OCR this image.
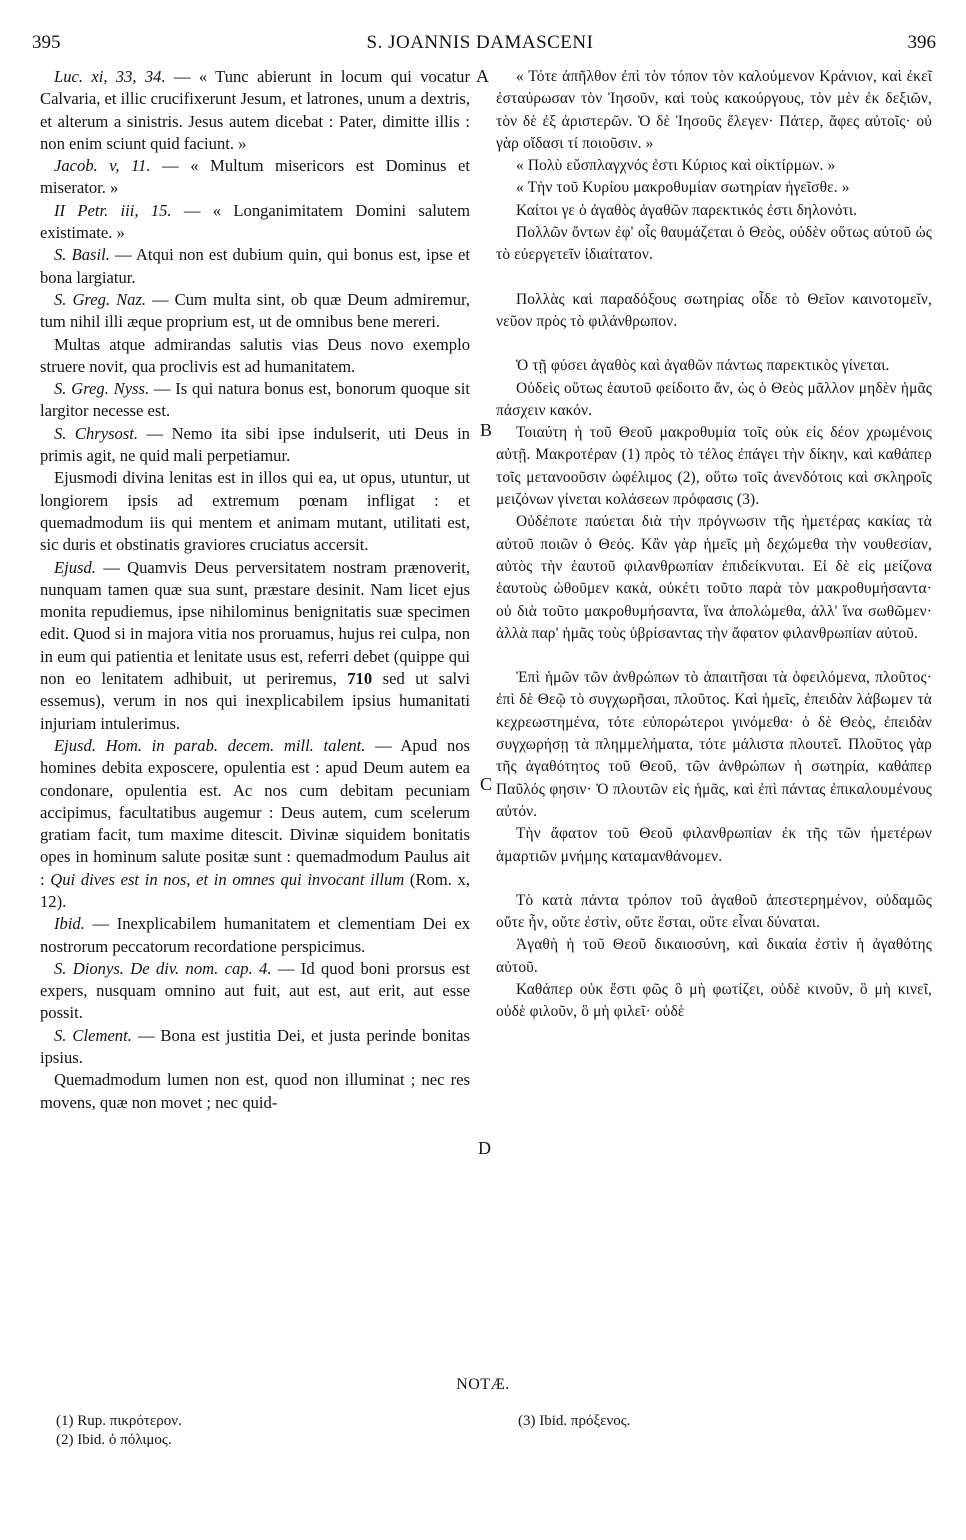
395	S. JOANNIS DAMASCENI	396
A
B
C
D

Luc. xi, 33, 34. — « Tunc abierunt in locum qui vocatur Calvaria, et illic crucifixerunt Jesum, et latrones, unum a dextris, et alterum a sinistris. Jesus autem dicebat : Pater, dimitte illis : non enim sciunt quid faciunt. »

Jacob. v, 11. — « Multum misericors est Dominus et miserator. »

II Petr. iii, 15. — « Longanimitatem Domini salutem existimate. »

S. Basil. — Atqui non est dubium quin, qui bonus est, ipse et bona largiatur.

S. Greg. Naz. — Cum multa sint, ob quæ Deum admiremur, tum nihil illi æque proprium est, ut de omnibus bene mereri.

Multas atque admirandas salutis vias Deus novo exemplo struere novit, qua proclivis est ad humanitatem.

S. Greg. Nyss. — Is qui natura bonus est, bonorum quoque sit largitor necesse est.

S. Chrysost. — Nemo ita sibi ipse indulserit, uti Deus in primis agit, ne quid mali perpetiamur.

Ejusmodi divina lenitas est in illos qui ea, ut opus, utuntur, ut longiorem ipsis ad extremum pœnam infligat : et quemadmodum iis qui mentem et animam mutant, utilitati est, sic duris et obstinatis graviores cruciatus accersit.

Ejusd. — Quamvis Deus perversitatem nostram prænoverit, nunquam tamen quæ sua sunt, præstare desinit. Nam licet ejus monita repudiemus, ipse nihilominus benignitatis suæ specimen edit. Quod si in majora vitia nos proruamus, hujus rei culpa, non in eum qui patientia et lenitate usus est, referri debet (quippe qui non eo lenitatem adhibuit, ut periremus, 710 sed ut salvi essemus), verum in nos qui inexplicabilem ipsius humanitati injuriam intulerimus.

Ejusd. Hom. in parab. decem. mill. talent. — Apud nos homines debita exposcere, opulentia est : apud Deum autem ea condonare, opulentia est. Ac nos cum debitam pecuniam accipimus, facultatibus augemur : Deus autem, cum scelerum gratiam facit, tum maxime ditescit. Divinæ siquidem bonitatis opes in hominum salute positæ sunt : quemadmodum Paulus ait : Qui dives est in nos, et in omnes qui invocant illum (Rom. x, 12).

Ibid. — Inexplicabilem humanitatem et clementiam Dei ex nostrorum peccatorum recordatione perspicimus.

S. Dionys. De div. nom. cap. 4. — Id quod boni prorsus est expers, nusquam omnino aut fuit, aut est, aut erit, aut esse possit.

S. Clement. — Bona est justitia Dei, et justa perinde bonitas ipsius.

Quemadmodum lumen non est, quod non illuminat ; nec res movens, quæ non movet ; nec quid-

« Τότε ἀπῆλθον ἐπὶ τὸν τόπον τὸν καλούμενον Κράνιον, καὶ ἐκεῖ ἐσταύρωσαν τὸν Ἰησοῦν, καὶ τοὺς κακούργους, τὸν μὲν ἐκ δεξιῶν, τὸν δὲ ἐξ ἀριστερῶν. Ὁ δὲ Ἰησοῦς ἔλεγεν· Πάτερ, ἄφες αὐτοῖς· οὐ γὰρ οἴδασι τί ποιοῦσιν. »

« Πολὺ εὔσπλαγχνός ἐστι Κύριος καὶ οἰκτίρμων. »

« Τὴν τοῦ Κυρίου μακροθυμίαν σωτηρίαν ἡγεῖσθε. »

Καίτοι γε ὁ ἀγαθὸς ἀγαθῶν παρεκτικός ἐστι δηλονότι.

Πολλῶν ὄντων ἐφ' οἷς θαυμάζεται ὁ Θεὸς, οὐδὲν οὕτως αὐτοῦ ὡς τὸ εὐεργετεῖν ἰδιαίτατον.

Πολλὰς καὶ παραδόξους σωτηρίας οἶδε τὸ Θεῖον καινοτομεῖν, νεῦον πρὸς τὸ φιλάνθρωπον.

Ὁ τῇ φύσει ἀγαθὸς καὶ ἀγαθῶν πάντως παρεκτικὸς γίνεται.

Οὐδεὶς οὕτως ἑαυτοῦ φείδοιτο ἄν, ὡς ὁ Θεὸς μᾶλλον μηδὲν ἡμᾶς πάσχειν κακόν.

Τοιαύτη ἡ τοῦ Θεοῦ μακροθυμία τοῖς οὐκ εἰς δέον χρωμένοις αὐτῇ. Μακροτέραν (1) πρὸς τὸ τέλος ἐπάγει τὴν δίκην, καὶ καθάπερ τοῖς μετανοοῦσιν ὠφέλιμος (2), οὕτω τοῖς ἀνενδότοις καὶ σκληροῖς μειζόνων γίνεται κολάσεων πρόφασις (3).

Οὐδέποτε παύεται διὰ τὴν πρόγνωσιν τῆς ἡμετέρας κακίας τὰ αὐτοῦ ποιῶν ὁ Θεός. Κἂν γὰρ ἡμεῖς μὴ δεχώμεθα τὴν νουθεσίαν, αὐτὸς τὴν ἑαυτοῦ φιλανθρωπίαν ἐπιδείκνυται. Εἰ δὲ εἰς μείζονα ἑαυτοὺς ὠθοῦμεν κακὰ, οὐκέτι τοῦτο παρὰ τὸν μακροθυμήσαντα· οὐ διὰ τοῦτο μακροθυμήσαντα, ἵνα ἀπολώμεθα, ἀλλ' ἵνα σωθῶμεν· ἀλλὰ παρ' ἡμᾶς τοὺς ὑβρίσαντας τὴν ἄφατον φιλανθρωπίαν αὐτοῦ.

Ἐπὶ ἡμῶν τῶν ἀνθρώπων τὸ ἀπαιτῆσαι τὰ ὀφειλόμενα, πλοῦτος· ἐπὶ δὲ Θεῷ τὸ συγχωρῆσαι, πλοῦτος. Καὶ ἡμεῖς, ἐπειδὰν λάβωμεν τὰ κεχρεωστημένα, τότε εὐπορώτεροι γινόμεθα· ὁ δὲ Θεὸς, ἐπειδὰν συγχωρήσῃ τὰ πλημμελήματα, τότε μάλιστα πλουτεῖ. Πλοῦτος γὰρ τῆς ἀγαθότητος τοῦ Θεοῦ, τῶν ἀνθρώπων ἡ σωτηρία, καθάπερ Παῦλός φησιν· Ὁ πλουτῶν εἰς ἡμᾶς, καὶ ἐπὶ πάντας ἐπικαλουμένους αὐτόν.

Τὴν ἄφατον τοῦ Θεοῦ φιλανθρωπίαν ἐκ τῆς τῶν ἡμετέρων ἁμαρτιῶν μνήμης καταμανθάνομεν.

Τὸ κατὰ πάντα τρόπον τοῦ ἀγαθοῦ ἀπεστερημένον, οὐδαμῶς οὔτε ἦν, οὔτε ἐστὶν, οὔτε ἔσται, οὔτε εἶναι δύναται.

Ἀγαθὴ ἡ τοῦ Θεοῦ δικαιοσύνη, καὶ δικαία ἐστὶν ἡ ἀγαθότης αὐτοῦ.

Καθάπερ οὐκ ἔστι φῶς ὃ μὴ φωτίζει, οὐδὲ κινοῦν, ὃ μὴ κινεῖ, οὐδὲ φιλοῦν, ὃ μὴ φιλεῖ· οὐδὲ

NOTÆ.
(1) Rup. πικρότερον.
(2) Ibid. ὁ πόλιμος.
(3) Ibid. πρόξενος.
